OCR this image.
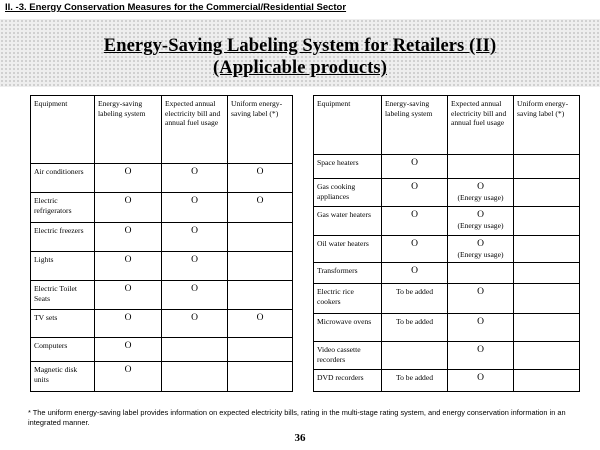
II. -3. Energy Conservation Measures for the Commercial/Residential Sector
Energy-Saving Labeling System for Retailers (II)
(Applicable products)
Equipment	Energy-saving labeling system	Expected annual electricity bill and annual fuel usage	Uniform energy-saving label (*)
Air conditioners	O	O	O
Electric refrigerators	O	O	O
Electric freezers	O	O	
Lights	O	O	
Electric Toilet Seats	O	O	
TV sets	O	O	O
Computers	O		
Magnetic disk units	O		
Equipment	Energy-saving labeling system	Expected annual electricity bill and annual fuel usage	Uniform energy-saving label (*)
Space heaters	O	

Gas cooking appliances	O	O
(Energy usage)	

Gas water heaters	O	O
(Energy usage)	

Oil water heaters	O	O
(Energy usage)	

Transformers	O	

Electric rice cookers	To be added	O

Microwave ovens	To be added	O

Video cassette recorders		O

DVD recorders	To be added	O

* The uniform energy-saving label provides information on expected electricity bills, rating in the multi-stage rating system, and energy conservation information in an integrated manner.
36
